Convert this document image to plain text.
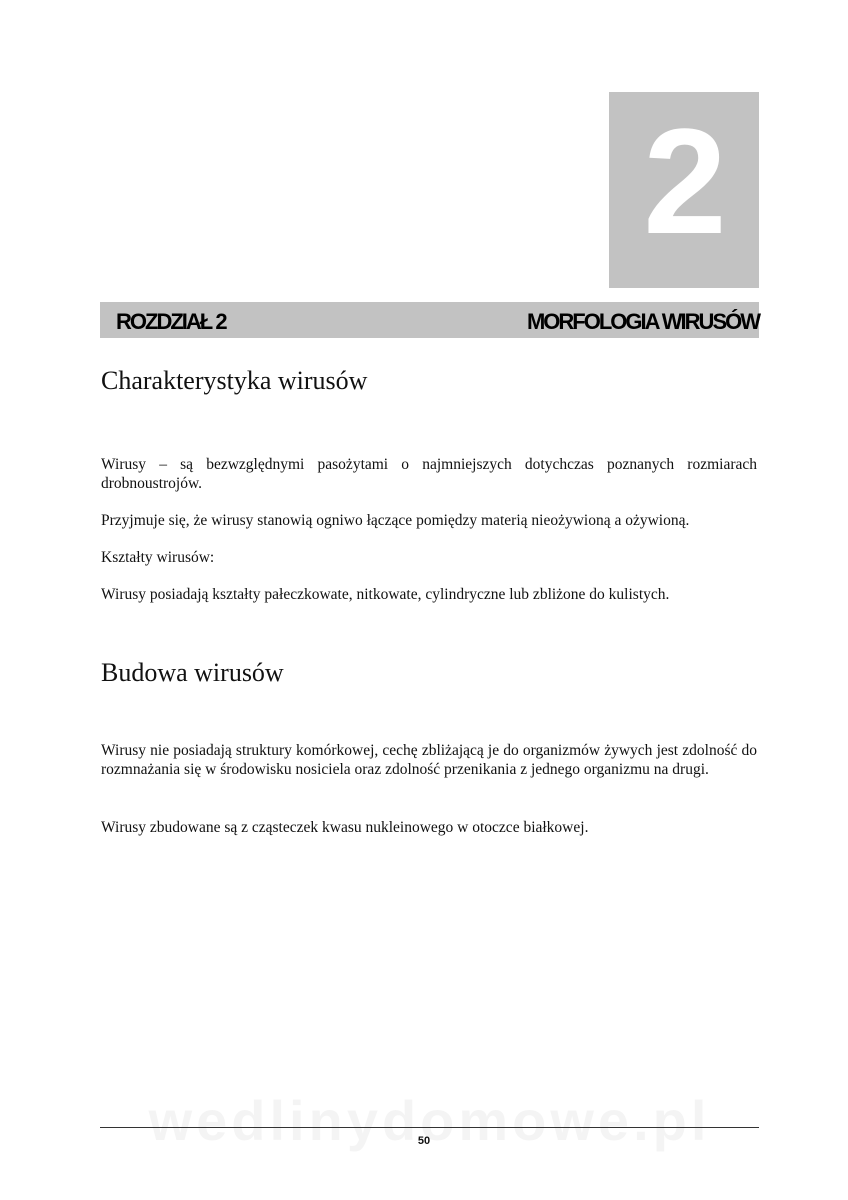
2
ROZDZIAŁ 2	MORFOLOGIA WIRUSÓW
Charakterystyka wirusów

Wirusy – są bezwzględnymi pasożytami o najmniejszych dotychczas poznanych rozmiarach drobnoustrojów.

Przyjmuje się, że wirusy stanowią ogniwo łączące pomiędzy materią nieożywioną a ożywioną.

Kształty wirusów:

Wirusy posiadają kształty pałeczkowate, nitkowate, cylindryczne lub zbliżone do kulistych.

Budowa wirusów

Wirusy nie posiadają struktury komórkowej, cechę zbliżającą je do organizmów żywych jest zdolność do rozmnażania się w środowisku nosiciela oraz zdolność przenikania z jednego organizmu na drugi.

Wirusy zbudowane są z cząsteczek kwasu nukleinowego w otoczce białkowej.

50
